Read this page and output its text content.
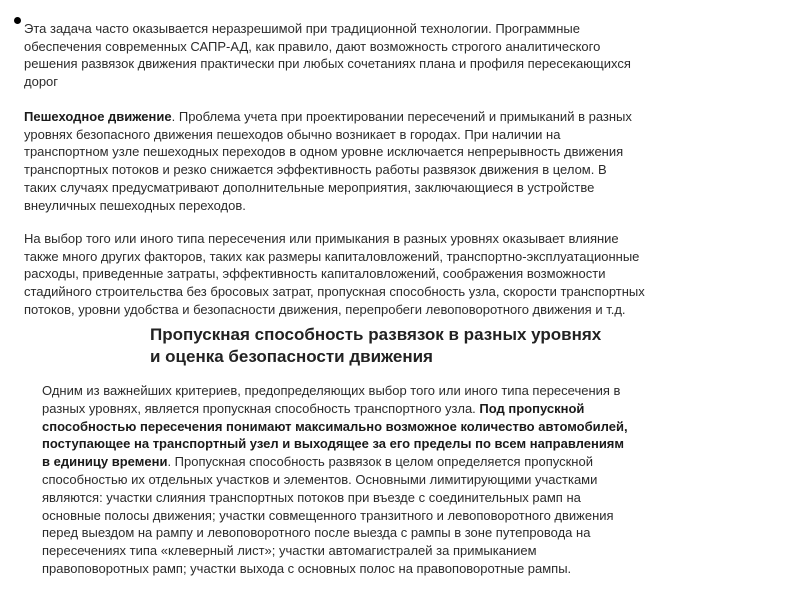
Эта задача часто оказывается неразрешимой при традиционной технологии. Программные
обеспечения современных САПР-АД, как правило, дают возможность строгого аналитического
решения развязок движения практически при любых сочетаниях плана и профиля пересекающихся
дорог
Пешеходное движение. Проблема учета при проектировании пересечений и примыканий в разных
уровнях безопасного движения пешеходов обычно возникает в городах. При наличии на
транспортном узле пешеходных переходов в одном уровне исключается непрерывность движения
транспортных потоков и резко снижается эффективность работы развязок движения в целом. В
таких случаях предусматривают дополнительные мероприятия, заключающиеся в устройстве
внеуличных пешеходных переходов.
На выбор того или иного типа пересечения или примыкания в разных уровнях оказывает влияние
также много других факторов, таких как размеры капиталовложений, транспортно-эксплуатационные
расходы, приведенные затраты, эффективность капиталовложений, соображения возможности
стадийного строительства без бросовых затрат, пропускная способность узла, скорости транспортных
потоков, уровни удобства и безопасности движения, перепробеги левоповоротного движения и т.д.
Пропускная способность развязок в разных уровнях
и оценка безопасности движения
Одним из важнейших критериев, предопределяющих выбор того или иного типа пересечения в
разных уровнях, является пропускная способность транспортного узла. Под пропускной
способностью пересечения понимают максимально возможное количество автомобилей,
поступающее на транспортный узел и выходящее за его пределы по всем направлениям
в единицу времени. Пропускная способность развязок в целом определяется пропускной
способностью их отдельных участков и элементов. Основными лимитирующими участками
являются: участки слияния транспортных потоков при въезде с соединительных рамп на
основные полосы движения; участки совмещенного транзитного и левоповоротного движения
перед выездом на рампу и левоповоротного после выезда с рампы в зоне путепровода на
пересечениях типа «клеверный лист»; участки автомагистралей за примыканием
правоповоротных рамп; участки выхода с основных полос на правоповоротные рампы.
